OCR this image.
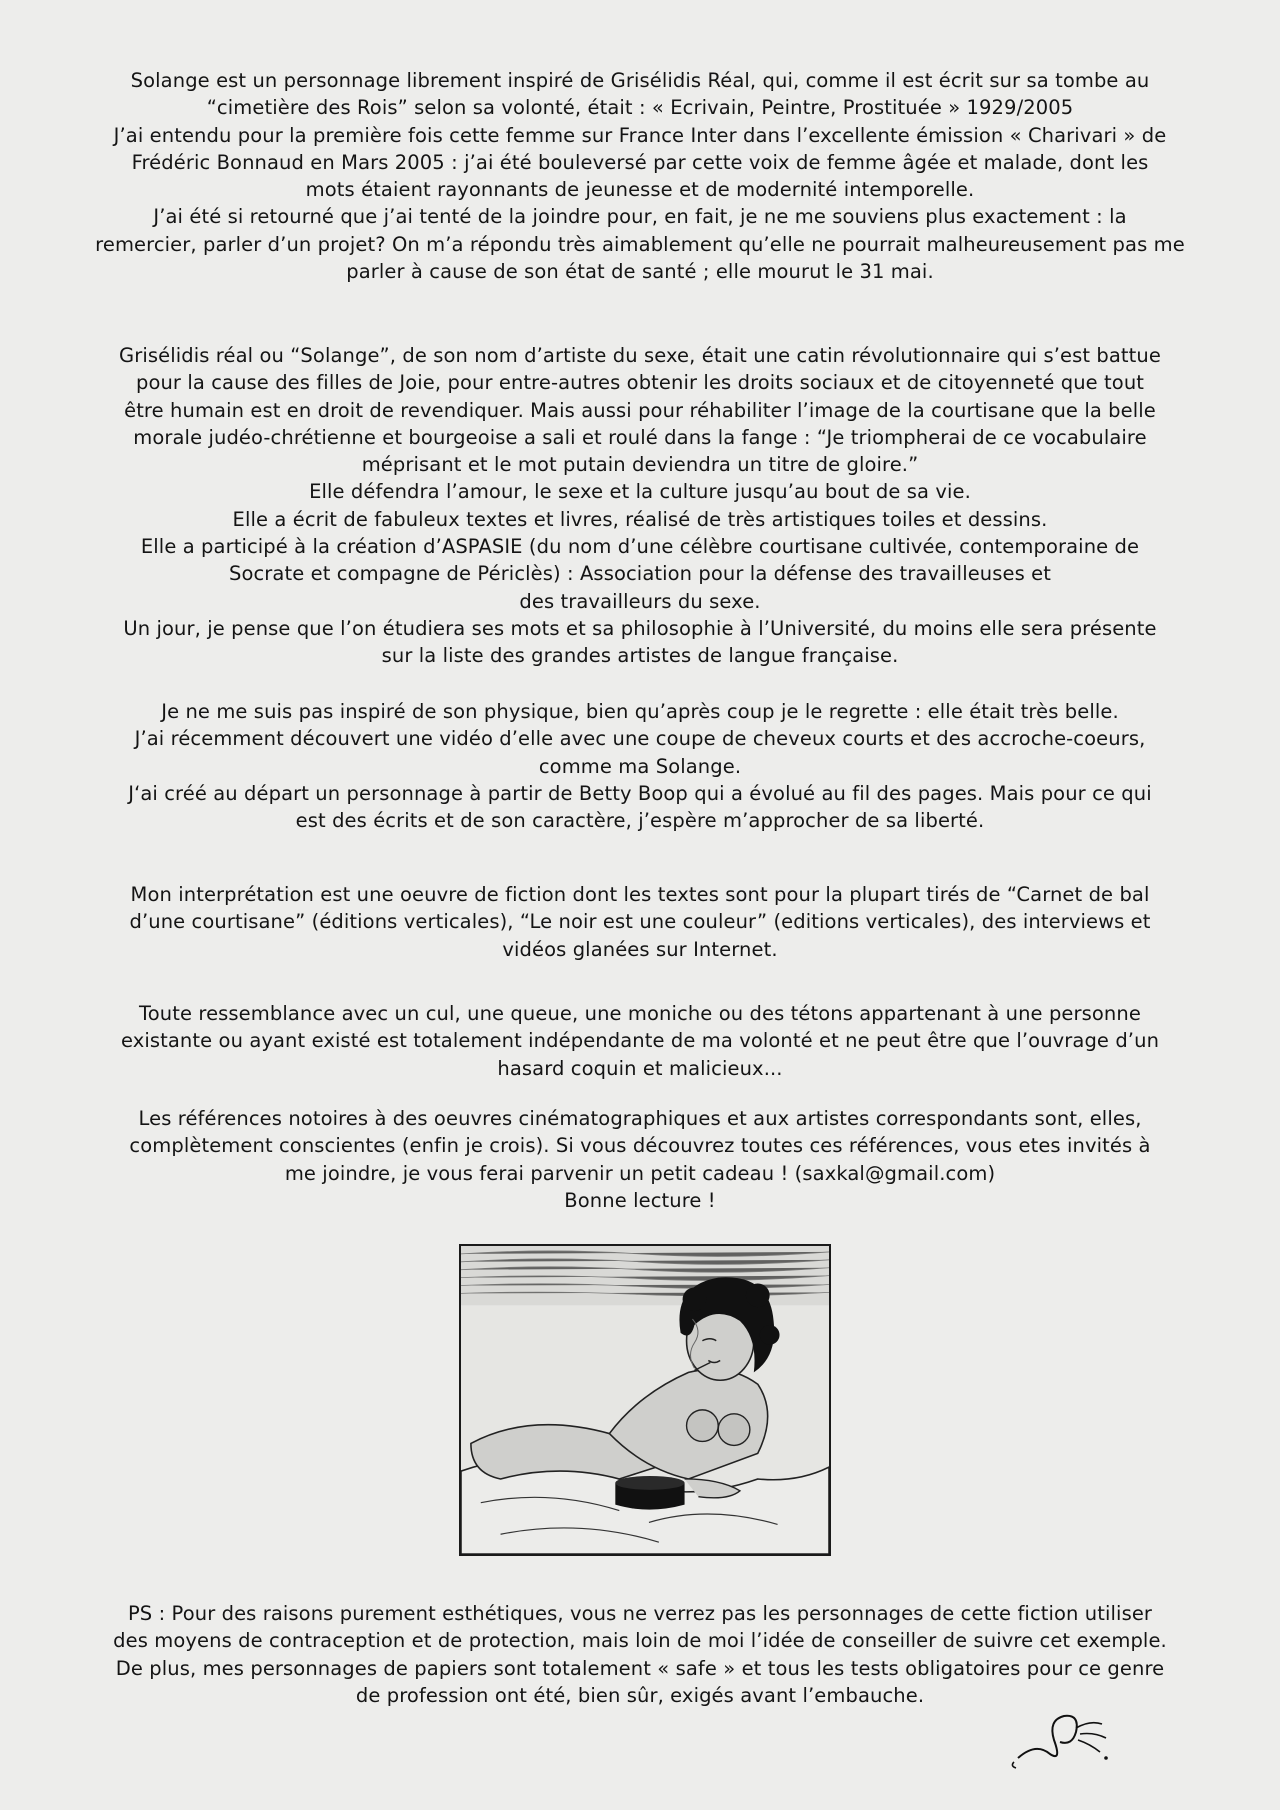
Solange est un personnage librement inspiré de Grisélidis Réal, qui, comme il est écrit sur sa tombe au

“cimetière des Rois” selon sa volonté, était : « Ecrivain, Peintre, Prostituée » 1929/2005

J’ai entendu pour la première fois cette femme sur France Inter dans l’excellente émission « Charivari » de

Frédéric Bonnaud en Mars 2005 : j’ai été bouleversé par cette voix de femme âgée et malade, dont les

mots étaient rayonnants de jeunesse et de modernité intemporelle.

J’ai été si retourné que j’ai tenté de la joindre pour, en fait, je ne me souviens plus exactement : la

remercier, parler d’un projet? On m’a répondu très aimablement qu’elle ne pourrait malheureusement pas me

parler à cause de son état de santé ; elle mourut le 31 mai.

Grisélidis réal ou “Solange”, de son nom d’artiste du sexe, était une catin révolutionnaire qui s’est battue

pour la cause des filles de Joie, pour entre-autres obtenir les droits sociaux et de citoyenneté que tout

être humain est en droit de revendiquer. Mais aussi pour réhabiliter l’image de la courtisane que la belle

morale judéo-chrétienne et bourgeoise a sali et roulé dans la fange : “Je triompherai de ce vocabulaire

méprisant et le mot putain deviendra un titre de gloire.”

Elle défendra l’amour, le sexe et la culture jusqu’au bout de sa vie.

Elle a écrit de fabuleux textes et livres, réalisé de très artistiques toiles et dessins.

Elle a participé à la création d’ASPASIE (du nom d’une célèbre courtisane cultivée, contemporaine de

Socrate et compagne de Périclès) : Association pour la défense des travailleuses et

des travailleurs du sexe.

Un jour, je pense que l’on étudiera ses mots et sa philosophie à l’Université, du moins elle sera présente

sur la liste des grandes artistes de langue française.

Je ne me suis pas inspiré de son physique, bien qu’après coup je le regrette : elle était très belle.

J’ai récemment découvert une vidéo d’elle avec une coupe de cheveux courts et des accroche-coeurs,

comme ma Solange.

J‘ai créé au départ un personnage à partir de Betty Boop qui a évolué au fil des pages. Mais pour ce qui

est des écrits et de son caractère, j’espère m’approcher de sa liberté.

Mon interprétation est une oeuvre de fiction dont les textes sont pour la plupart tirés de “Carnet de bal

d’une courtisane” (éditions verticales), “Le noir est une couleur” (editions verticales), des interviews et

vidéos glanées sur Internet.

Toute ressemblance avec un cul, une queue, une moniche ou des tétons appartenant à une personne

existante ou ayant existé est totalement indépendante de ma volonté et ne peut être que l’ouvrage d’un

hasard coquin et malicieux...

Les références notoires à des oeuvres cinématographiques et aux artistes correspondants sont, elles,

complètement conscientes (enfin je crois). Si vous découvrez toutes ces références, vous etes invités à

me joindre, je vous ferai parvenir un petit cadeau ! (saxkal@gmail.com)

Bonne lecture !

PS : Pour des raisons purement esthétiques, vous ne verrez pas les personnages de cette fiction utiliser

des moyens de contraception et de protection, mais loin de moi l’idée de conseiller de suivre cet exemple.

De plus, mes personnages de papiers sont totalement « safe » et tous les tests obligatoires pour ce genre

de profession ont été, bien sûr, exigés avant l’embauche.
